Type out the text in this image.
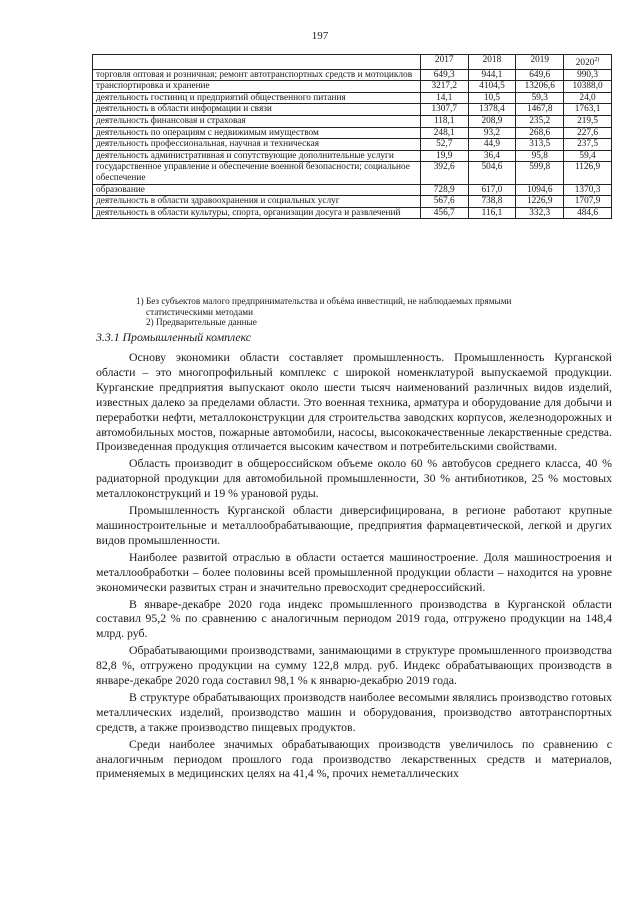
197
	2017	2018	2019	2020$^{2)}$
торговля оптовая и розничная; ремонт автотранспортных средств и мотоциклов	649,3	944,1	649,6	990,3
транспортировка и хранение	3217,2	4104,5	13206,6	10388,0
деятельность гостиниц и предприятий общественного питания	14,1	10,5	59,3	24,0
деятельность в области информации и связи	1307,7	1378,4	1467,8	1763,1
деятельность финансовая и страховая	118,1	208,9	235,2	219,5
деятельность по операциям с недвижимым имуществом	248,1	93,2	268,6	227,6
деятельность профессиональная, научная и техническая	52,7	44,9	313,5	237,5
деятельность административная и сопутствующие дополнительные услуги	19,9	36,4	95,8	59,4
государственное управление и обеспечение военной безопасности; социальное обеспечение	392,6	504,6	599,8	1126,9
образование	728,9	617,0	1094,6	1370,3
деятельность в области здравоохранения и социальных услуг	567,6	738,8	1226,9	1707,9
деятельность в области культуры, спорта, организации досуга и развлечений	456,7	116,1	332,3	484,6

1) Без субъектов малого предпринимательства и объёма инвестиций, не наблюдаемых прямыми
статистическими методами

2) Предварительные данные

3.3.1 Промышленный комплекс

Основу экономики области составляет промышленность. Промышленность Курганской области – это многопрофильный комплекс с широкой номенклатурой выпускаемой продукции. Курганские предприятия выпускают около шести тысяч наименований различных видов изделий, известных далеко за пределами области. Это военная техника, арматура и оборудование для добычи и переработки нефти, металлоконструкции для строительства заводских корпусов, железнодорожных и автомобильных мостов, пожарные автомобили, насосы, высококачественные лекарственные средства. Произведенная продукция отличается высоким качеством и потребительскими свойствами.

Область производит в общероссийском объеме около 60 % автобусов среднего класса, 40 % радиаторной продукции для автомобильной промышленности, 30 % антибиотиков, 25 % мостовых металлоконструкций и 19 % урановой руды.

Промышленность Курганской области диверсифицирована, в регионе работают крупные машиностроительные и металлообрабатывающие, предприятия фармацевтической, легкой и других видов промышленности.

Наиболее развитой отраслью в области остается машиностроение. Доля машиностроения и металлообработки – более половины всей промышленной продукции области – находится на уровне экономически развитых стран и значительно превосходит среднероссийский.

В январе-декабре 2020 года индекс промышленного производства в Курганской области составил 95,2 % по сравнению с аналогичным периодом 2019 года, отгружено продукции на 148,4 млрд. руб.

Обрабатывающими производствами, занимающими в структуре промышленного производства 82,8 %, отгружено продукции на сумму 122,8 млрд. руб. Индекс обрабатывающих производств в январе-декабре 2020 года составил 98,1 % к январю-декабрю 2019 года.

В структуре обрабатывающих производств наиболее весомыми являлись производство готовых металлических изделий, производство машин и оборудования, производство автотранспортных средств, а также производство пищевых продуктов.

Среди наиболее значимых обрабатывающих производств увеличилось по сравнению с аналогичным периодом прошлого года производство лекарственных средств и материалов, применяемых в медицинских целях на 41,4 %, прочих неметаллических
